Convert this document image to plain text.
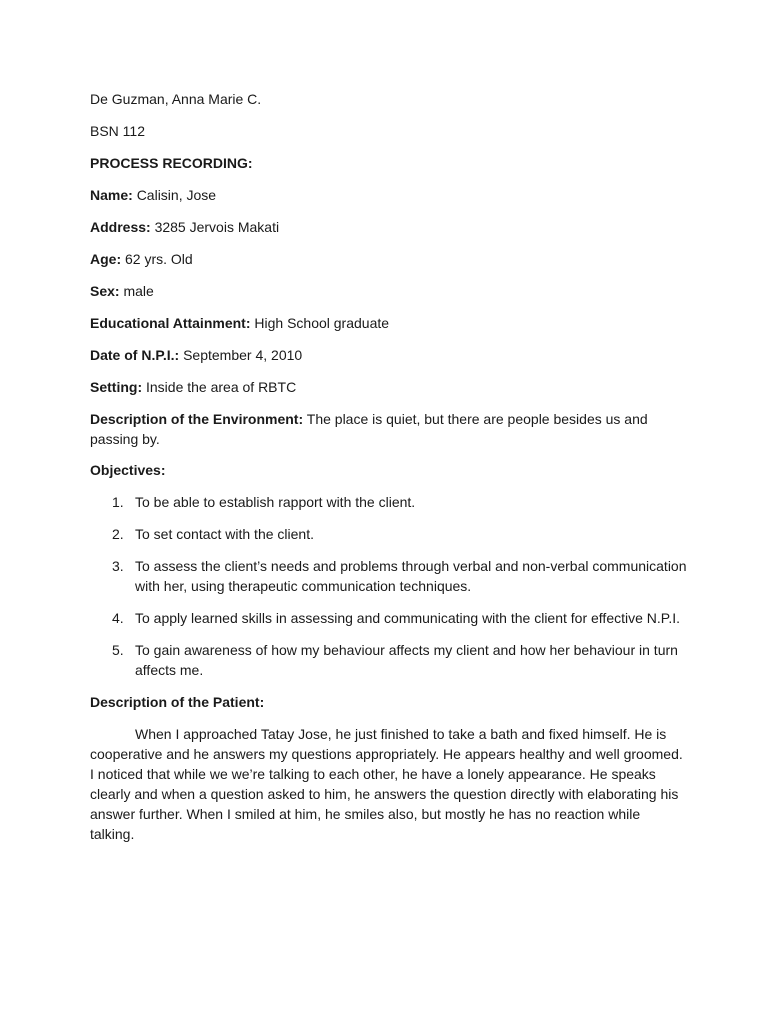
De Guzman, Anna Marie C.
BSN 112
PROCESS RECORDING:
Name: Calisin, Jose
Address: 3285 Jervois Makati
Age: 62 yrs. Old
Sex: male
Educational Attainment: High School graduate
Date of N.P.I.: September 4, 2010
Setting: Inside the area of RBTC
Description of the Environment: The place is quiet, but there are people besides us and passing by.
Objectives:
1. To be able to establish rapport with the client.
2. To set contact with the client.
3. To assess the client’s needs and problems through verbal and non-verbal communication with her, using therapeutic communication techniques.
4. To apply learned skills in assessing and communicating with the client for effective N.P.I.
5. To gain awareness of how my behaviour affects my client and how her behaviour in turn affects me.
Description of the Patient:

When I approached Tatay Jose, he just finished to take a bath and fixed himself. He is cooperative and he answers my questions appropriately. He appears healthy and well groomed. I noticed that while we we’re talking to each other, he have a lonely appearance. He speaks clearly and when a question asked to him, he answers the question directly with elaborating his answer further. When I smiled at him, he smiles also, but mostly he has no reaction while talking.
